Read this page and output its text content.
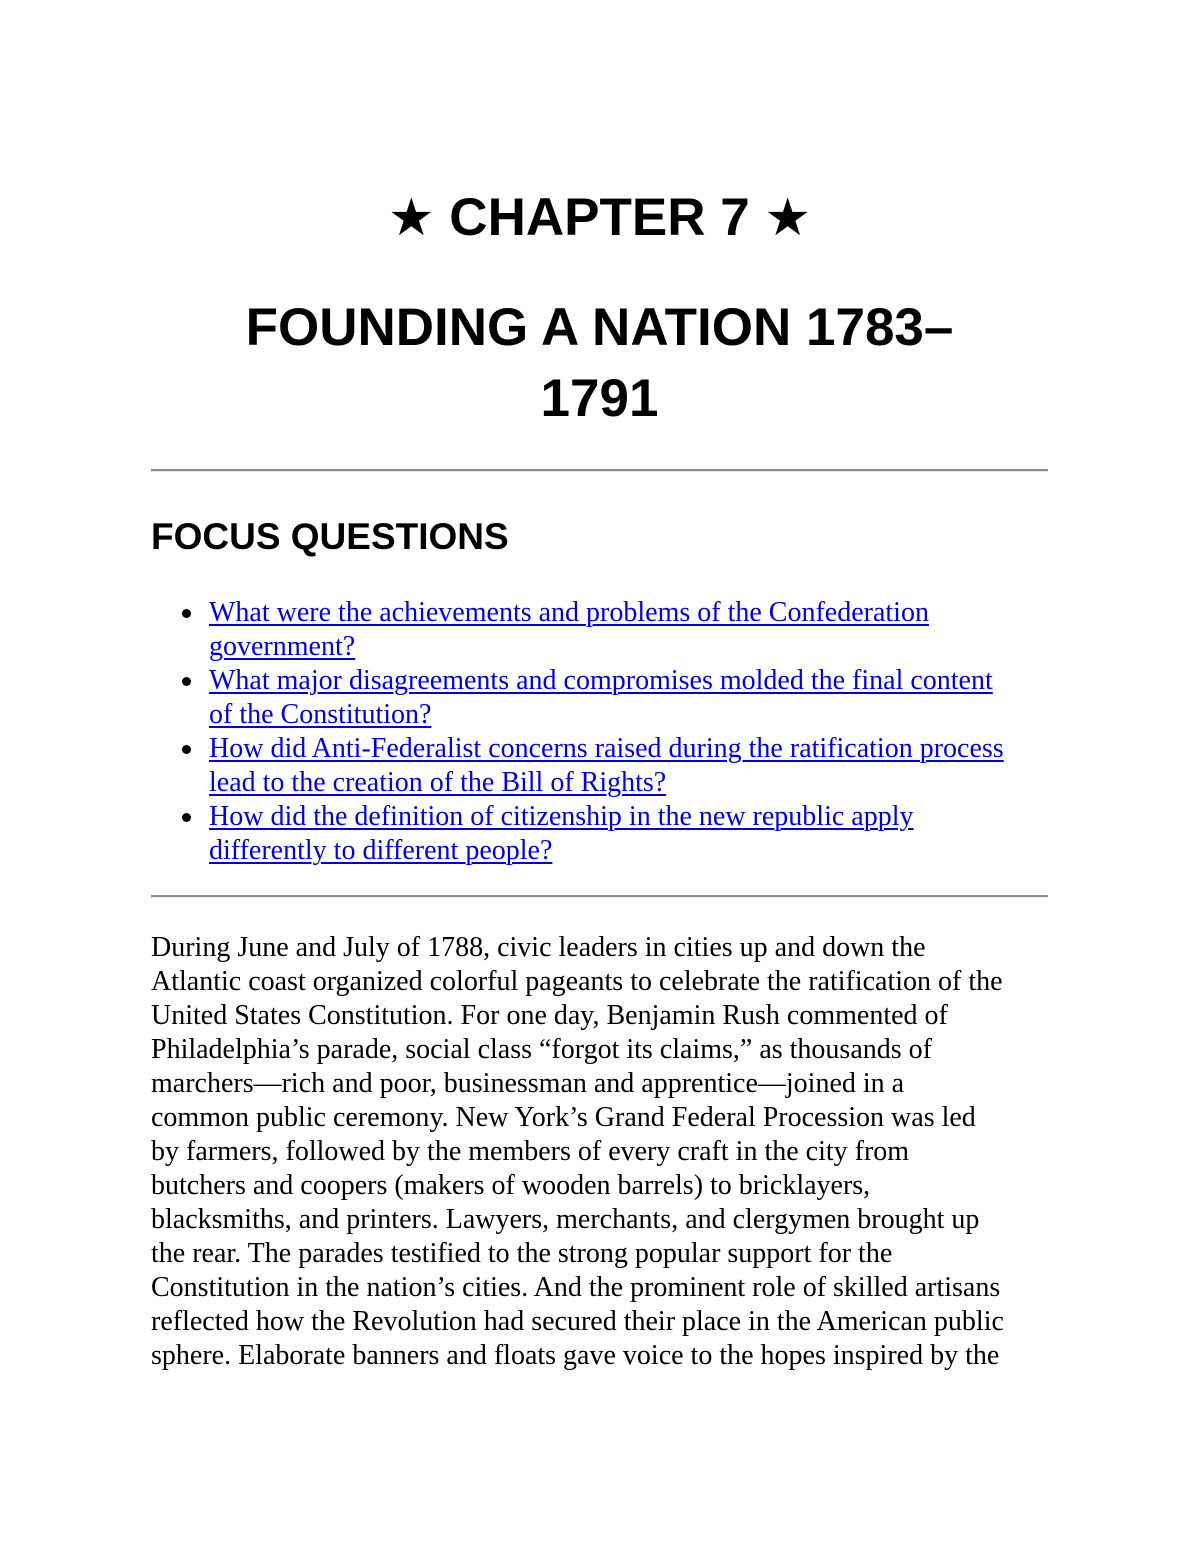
★ CHAPTER 7 ★
FOUNDING A NATION 1783–
1791
FOCUS QUESTIONS
What were the achievements and problems of the Confederation
government?
What major disagreements and compromises molded the final content
of the Constitution?
How did Anti-Federalist concerns raised during the ratification process
lead to the creation of the Bill of Rights?
How did the definition of citizenship in the new republic apply
differently to different people?

During June and July of 1788, civic leaders in cities up and down the
Atlantic coast organized colorful pageants to celebrate the ratification of the
United States Constitution. For one day, Benjamin Rush commented of
Philadelphia’s parade, social class “forgot its claims,” as thousands of
marchers—rich and poor, businessman and apprentice—joined in a
common public ceremony. New York’s Grand Federal Procession was led
by farmers, followed by the members of every craft in the city from
butchers and coopers (makers of wooden barrels) to bricklayers,
blacksmiths, and printers. Lawyers, merchants, and clergymen brought up
the rear. The parades testified to the strong popular support for the
Constitution in the nation’s cities. And the prominent role of skilled artisans
reflected how the Revolution had secured their place in the American public
sphere. Elaborate banners and floats gave voice to the hopes inspired by the
